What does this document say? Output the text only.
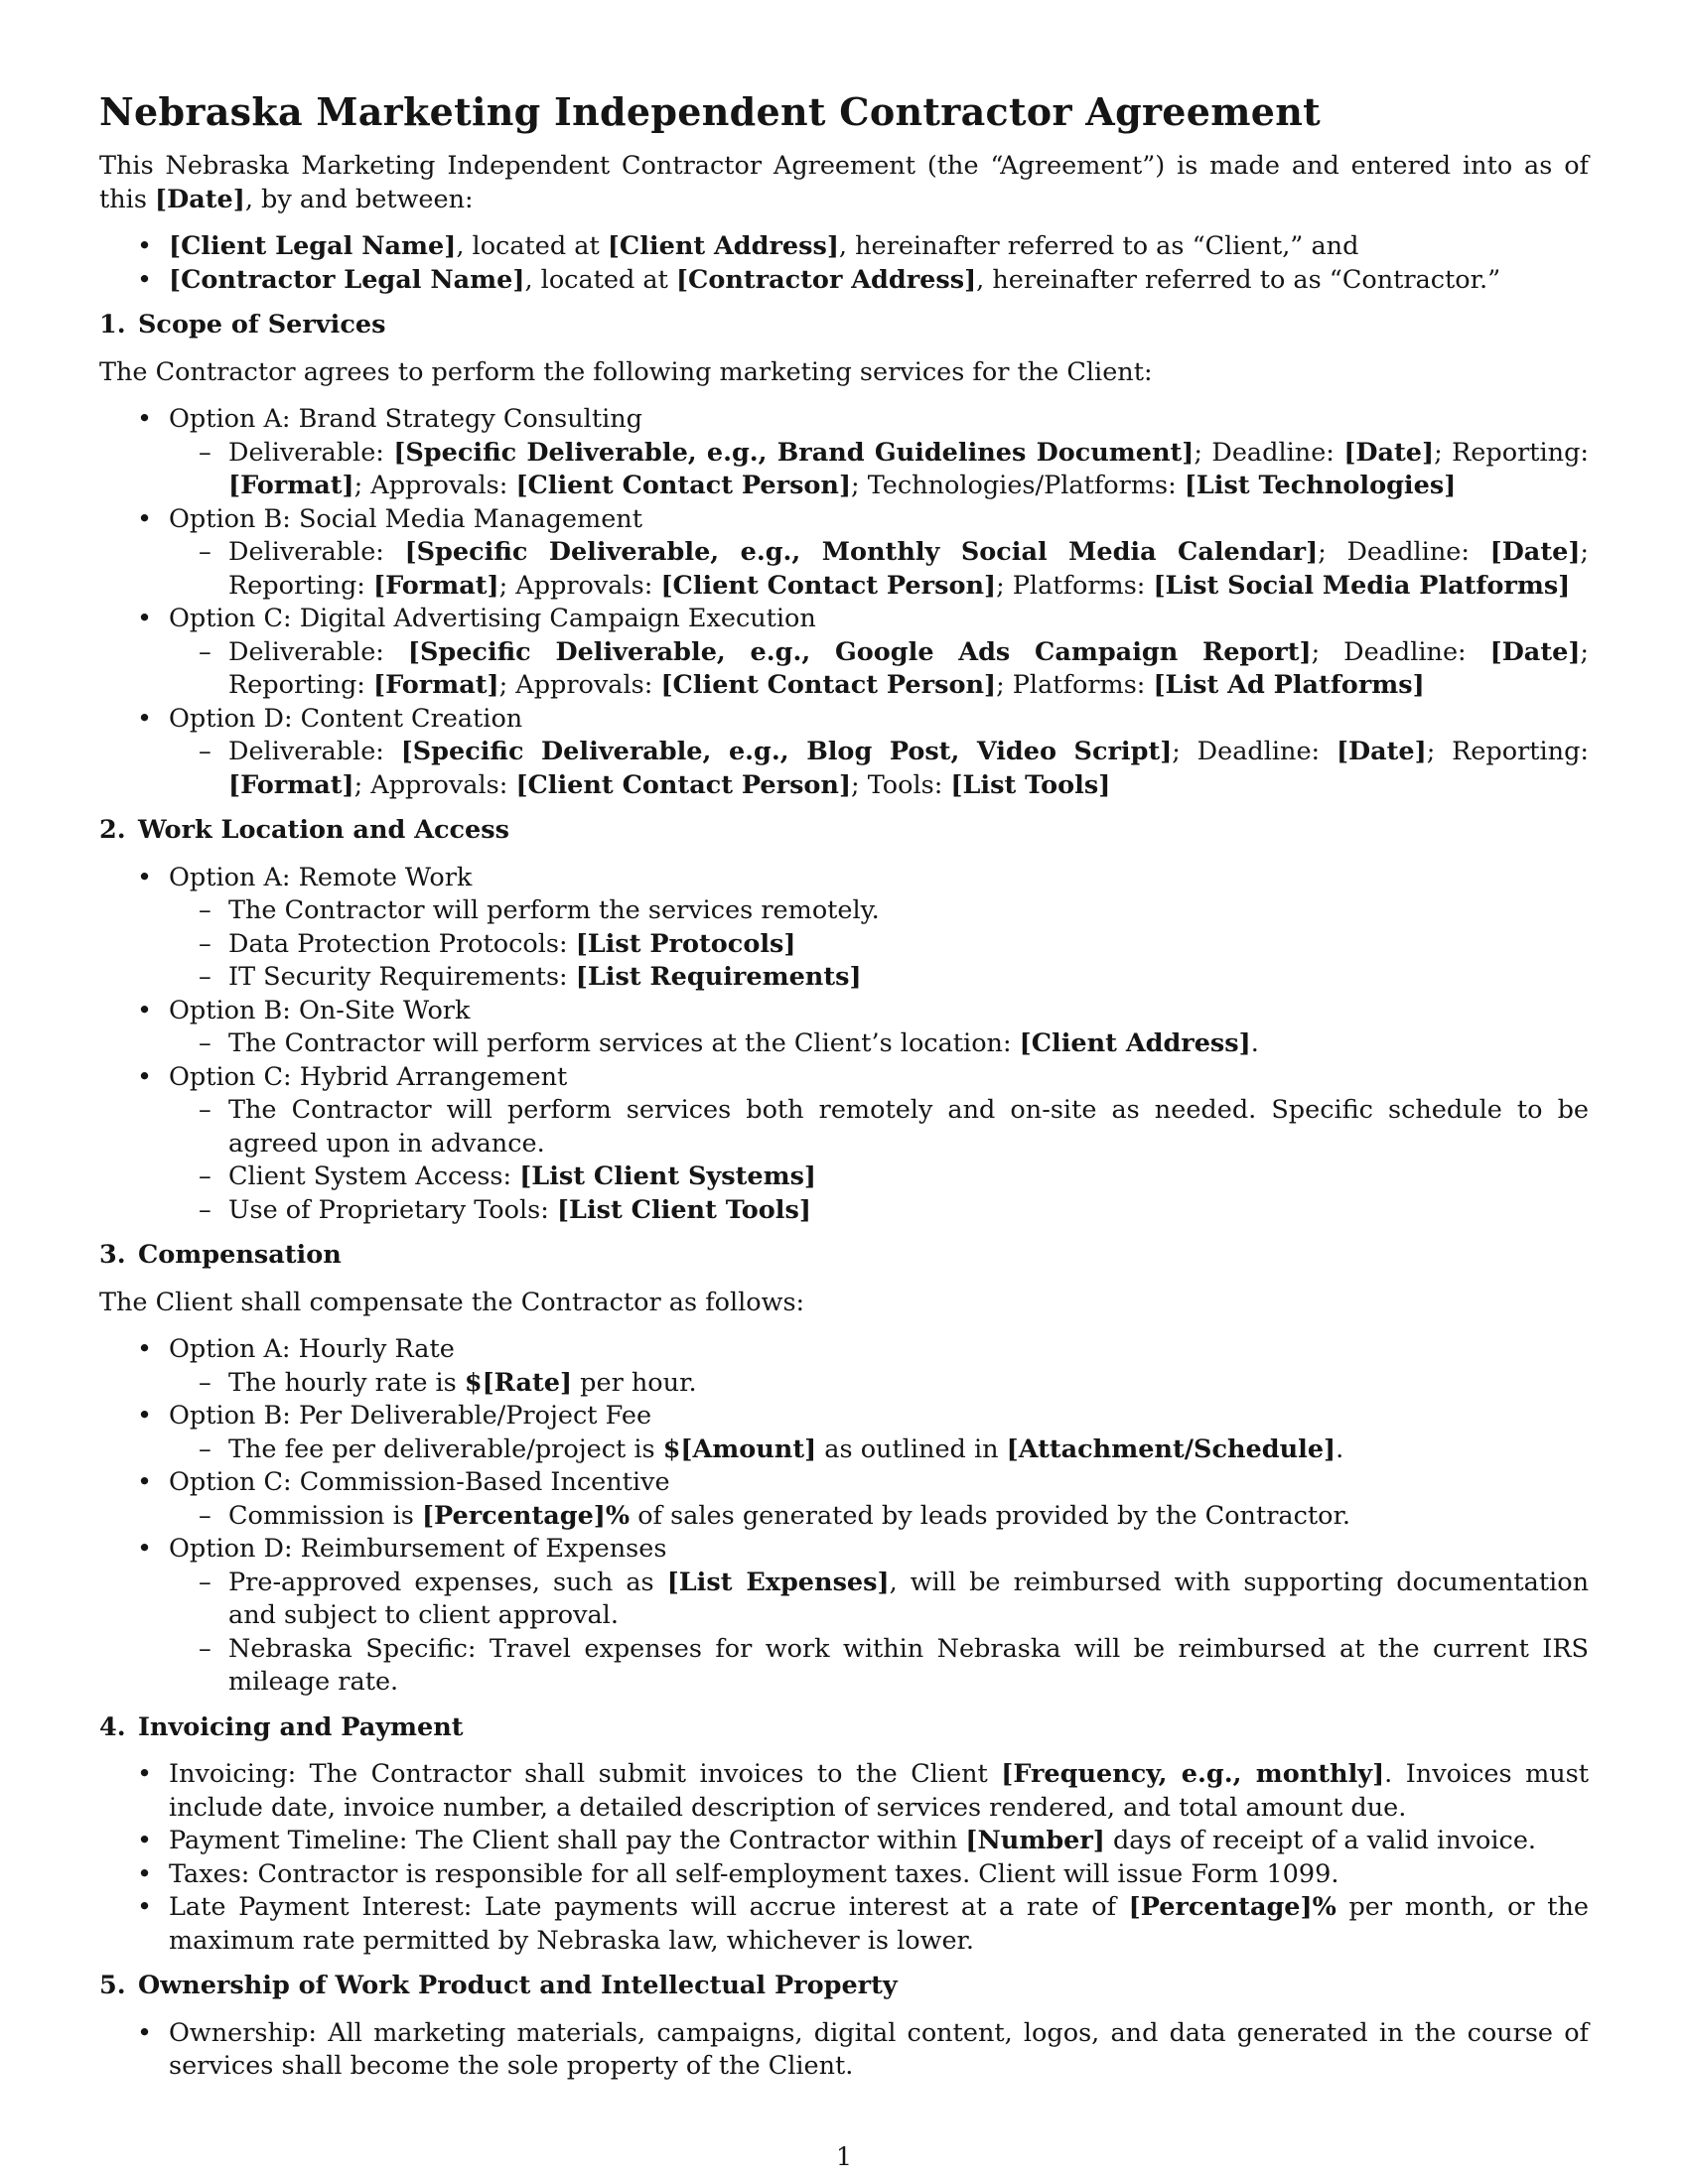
Nebraska Marketing Independent Contractor Agreement

This Nebraska Marketing Independent Contractor Agreement (the “Agreement”) is made and entered into as of this [Date], by and between:

• [Client Legal Name], located at [Client Address], hereinafter referred to as “Client,” and
• [Contractor Legal Name], located at [Contractor Address], hereinafter referred to as “Contractor.”
1. Scope of Services

The Contractor agrees to perform the following marketing services for the Client:

• Option A: Brand Strategy Consulting
– Deliverable: [Specific Deliverable, e.g., Brand Guidelines Document]; Deadline: [Date]; Reporting: [Format]; Approvals: [Client Contact Person]; Technologies/Platforms: [List Technologies]
• Option B: Social Media Management
– Deliverable: [Specific Deliverable, e.g., Monthly Social Media Calendar]; Deadline: [Date]; Reporting: [Format]; Approvals: [Client Contact Person]; Platforms: [List Social Media Platforms]
• Option C: Digital Advertising Campaign Execution
– Deliverable: [Specific Deliverable, e.g., Google Ads Campaign Report]; Deadline: [Date]; Reporting: [Format]; Approvals: [Client Contact Person]; Platforms: [List Ad Platforms]
• Option D: Content Creation
– Deliverable: [Specific Deliverable, e.g., Blog Post, Video Script]; Deadline: [Date]; Reporting: [Format]; Approvals: [Client Contact Person]; Tools: [List Tools]
2. Work Location and Access
• Option A: Remote Work
– The Contractor will perform the services remotely.
– Data Protection Protocols: [List Protocols]
– IT Security Requirements: [List Requirements]
• Option B: On-Site Work
– The Contractor will perform services at the Client’s location: [Client Address].
• Option C: Hybrid Arrangement
– The Contractor will perform services both remotely and on-site as needed. Specific schedule to be agreed upon in advance.
– Client System Access: [List Client Systems]
– Use of Proprietary Tools: [List Client Tools]
3. Compensation

The Client shall compensate the Contractor as follows:

• Option A: Hourly Rate
– The hourly rate is $[Rate] per hour.
• Option B: Per Deliverable/Project Fee
– The fee per deliverable/project is $[Amount] as outlined in [Attachment/Schedule].
• Option C: Commission-Based Incentive
– Commission is [Percentage]% of sales generated by leads provided by the Contractor.
• Option D: Reimbursement of Expenses
– Pre-approved expenses, such as [List Expenses], will be reimbursed with supporting documentation and subject to client approval.
– Nebraska Specific: Travel expenses for work within Nebraska will be reimbursed at the current IRS mileage rate.
4. Invoicing and Payment
• Invoicing: The Contractor shall submit invoices to the Client [Frequency, e.g., monthly]. Invoices must include date, invoice number, a detailed description of services rendered, and total amount due.
• Payment Timeline: The Client shall pay the Contractor within [Number] days of receipt of a valid invoice.
• Taxes: Contractor is responsible for all self-employment taxes. Client will issue Form 1099.
• Late Payment Interest: Late payments will accrue interest at a rate of [Percentage]% per month, or the maximum rate permitted by Nebraska law, whichever is lower.
5. Ownership of Work Product and Intellectual Property
• Ownership: All marketing materials, campaigns, digital content, logos, and data generated in the course of services shall become the sole property of the Client.
1
